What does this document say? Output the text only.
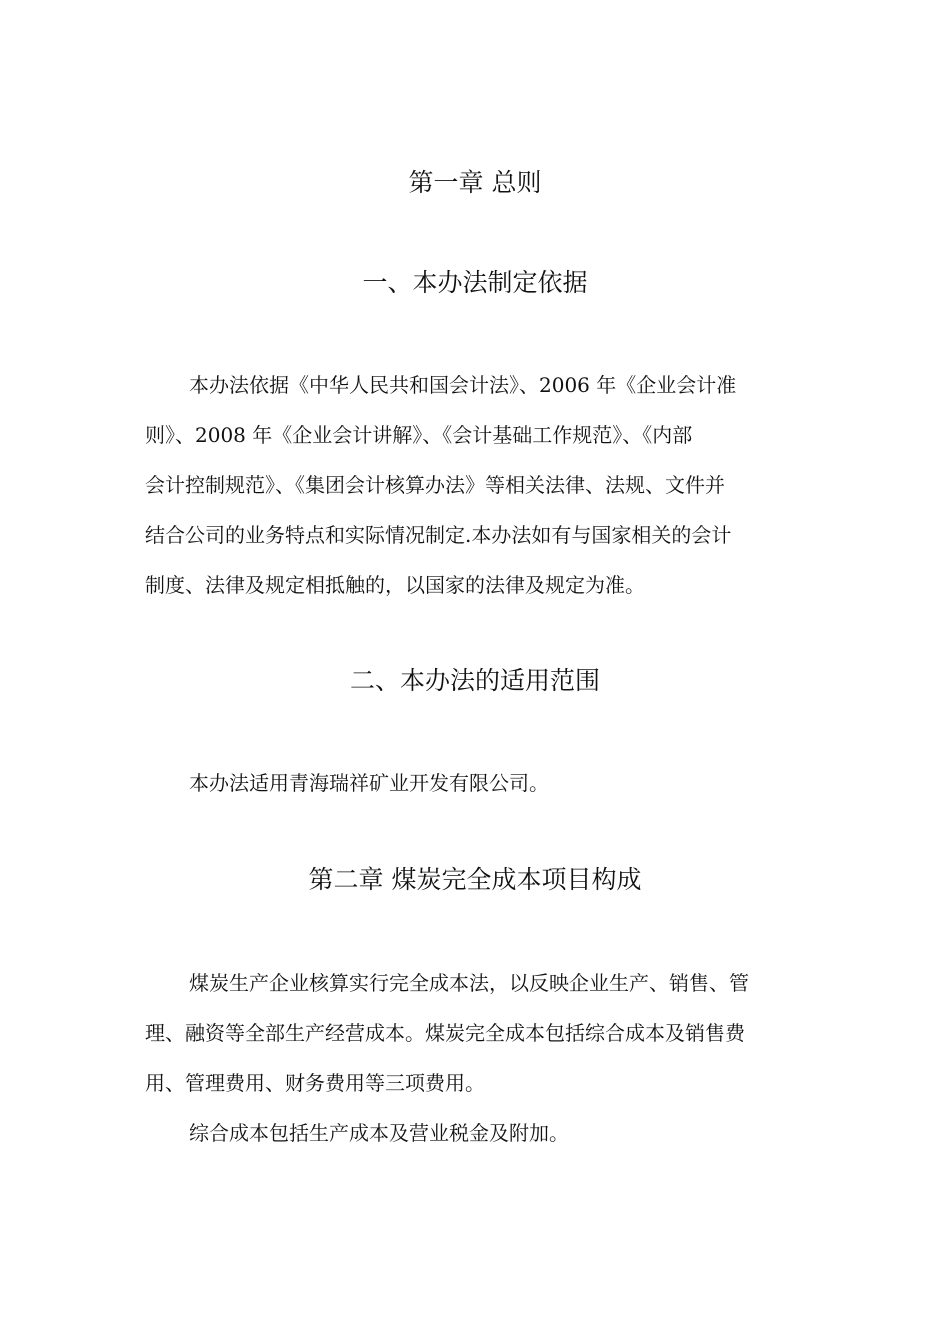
第一章 总则
一、本办法制定依据
本办法依据《中华人民共和国会计法》、2006 年《企业会计准
则》、2008 年《企业会计讲解》、《会计基础工作规范》、《内部
会计控制规范》、《集团会计核算办法》等相关法律、法规、文件并
结合公司的业务特点和实际情况制定.本办法如有与国家相关的会计
制度、法律及规定相抵触的，以国家的法律及规定为准。
二、本办法的适用范围
本办法适用青海瑞祥矿业开发有限公司。
第二章 煤炭完全成本项目构成
煤炭生产企业核算实行完全成本法，以反映企业生产、销售、管
理、融资等全部生产经营成本。煤炭完全成本包括综合成本及销售费
用、管理费用、财务费用等三项费用。
综合成本包括生产成本及营业税金及附加。
